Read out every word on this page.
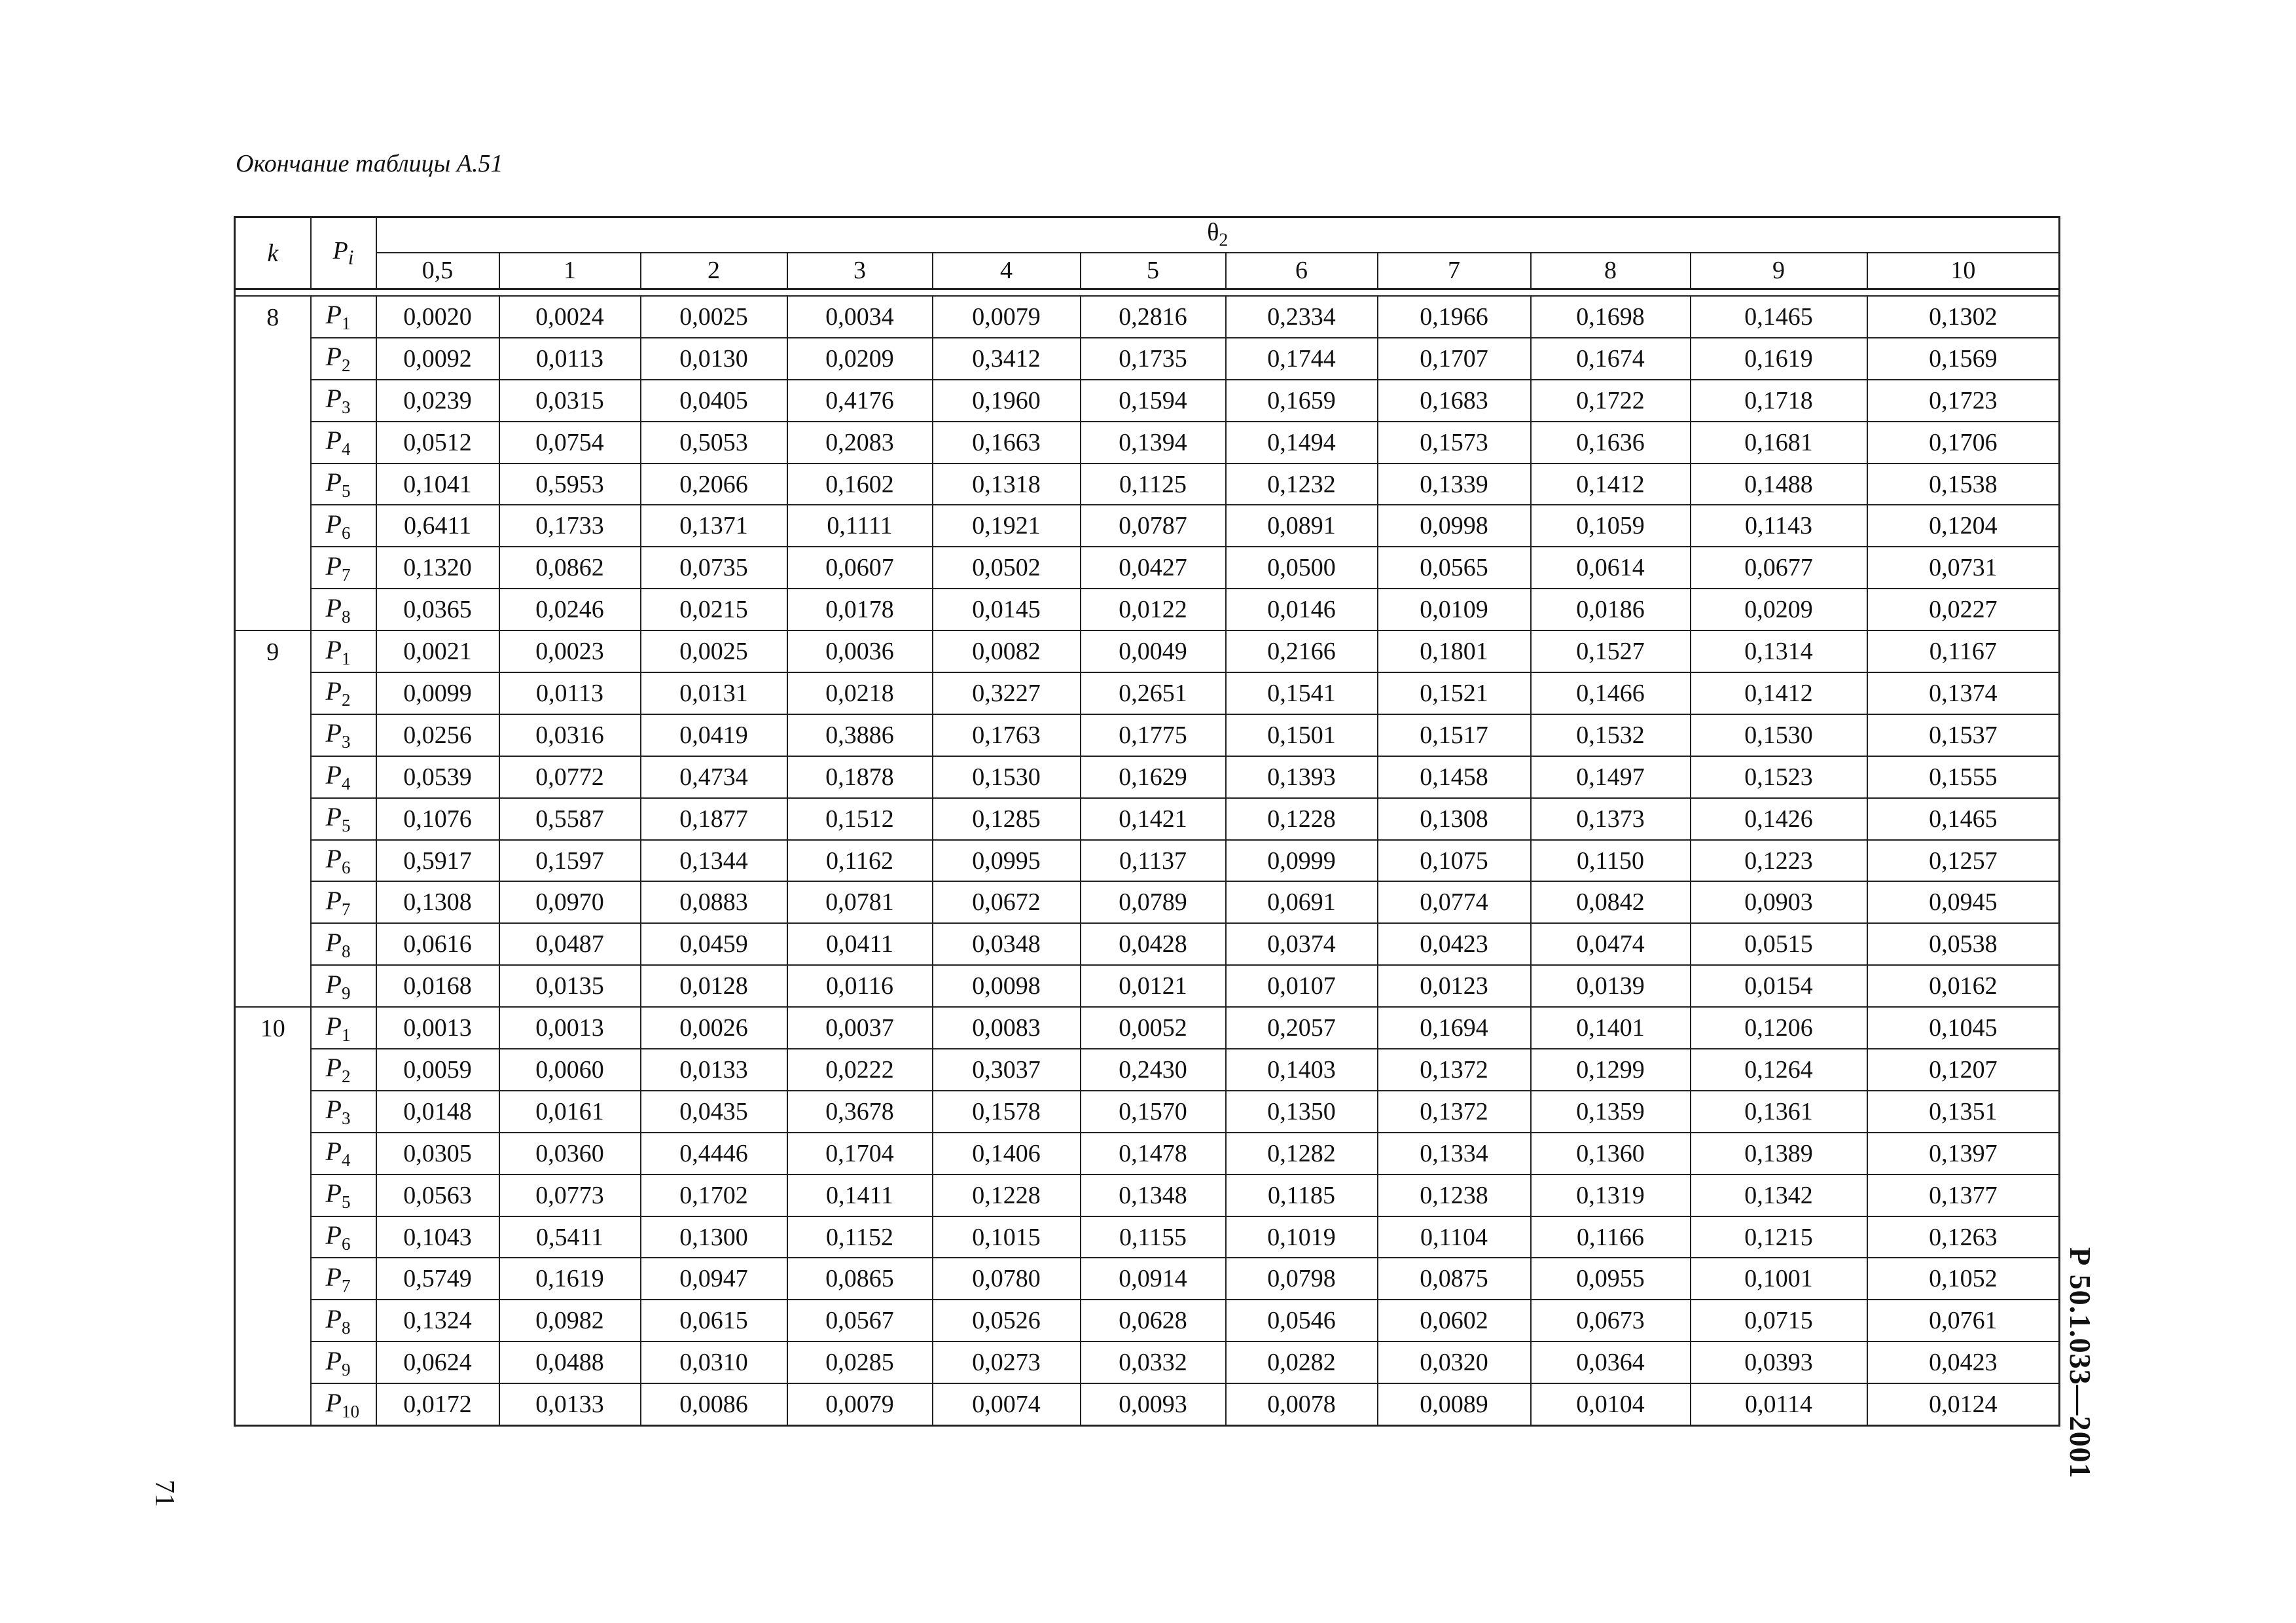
Окончание таблицы А.51
k	$P_i$	$\theta_2$
		0,5	1	2	3	4	5	6	7	8	9	10

8	$P_1$	0,0020	0,0024	0,0025	0,0034	0,0079	0,2816	0,2334	0,1966	0,1698	0,1465	0,1302
	$P_2$	0,0092	0,0113	0,0130	0,0209	0,3412	0,1735	0,1744	0,1707	0,1674	0,1619	0,1569
	$P_3$	0,0239	0,0315	0,0405	0,4176	0,1960	0,1594	0,1659	0,1683	0,1722	0,1718	0,1723
	$P_4$	0,0512	0,0754	0,5053	0,2083	0,1663	0,1394	0,1494	0,1573	0,1636	0,1681	0,1706
	$P_5$	0,1041	0,5953	0,2066	0,1602	0,1318	0,1125	0,1232	0,1339	0,1412	0,1488	0,1538
	$P_6$	0,6411	0,1733	0,1371	0,1111	0,1921	0,0787	0,0891	0,0998	0,1059	0,1143	0,1204
	$P_7$	0,1320	0,0862	0,0735	0,0607	0,0502	0,0427	0,0500	0,0565	0,0614	0,0677	0,0731
	$P_8$	0,0365	0,0246	0,0215	0,0178	0,0145	0,0122	0,0146	0,0109	0,0186	0,0209	0,0227
9	$P_1$	0,0021	0,0023	0,0025	0,0036	0,0082	0,0049	0,2166	0,1801	0,1527	0,1314	0,1167
	$P_2$	0,0099	0,0113	0,0131	0,0218	0,3227	0,2651	0,1541	0,1521	0,1466	0,1412	0,1374
	$P_3$	0,0256	0,0316	0,0419	0,3886	0,1763	0,1775	0,1501	0,1517	0,1532	0,1530	0,1537
	$P_4$	0,0539	0,0772	0,4734	0,1878	0,1530	0,1629	0,1393	0,1458	0,1497	0,1523	0,1555
	$P_5$	0,1076	0,5587	0,1877	0,1512	0,1285	0,1421	0,1228	0,1308	0,1373	0,1426	0,1465
	$P_6$	0,5917	0,1597	0,1344	0,1162	0,0995	0,1137	0,0999	0,1075	0,1150	0,1223	0,1257
	$P_7$	0,1308	0,0970	0,0883	0,0781	0,0672	0,0789	0,0691	0,0774	0,0842	0,0903	0,0945
	$P_8$	0,0616	0,0487	0,0459	0,0411	0,0348	0,0428	0,0374	0,0423	0,0474	0,0515	0,0538
	$P_9$	0,0168	0,0135	0,0128	0,0116	0,0098	0,0121	0,0107	0,0123	0,0139	0,0154	0,0162
10	$P_1$	0,0013	0,0013	0,0026	0,0037	0,0083	0,0052	0,2057	0,1694	0,1401	0,1206	0,1045
	$P_2$	0,0059	0,0060	0,0133	0,0222	0,3037	0,2430	0,1403	0,1372	0,1299	0,1264	0,1207
	$P_3$	0,0148	0,0161	0,0435	0,3678	0,1578	0,1570	0,1350	0,1372	0,1359	0,1361	0,1351
	$P_4$	0,0305	0,0360	0,4446	0,1704	0,1406	0,1478	0,1282	0,1334	0,1360	0,1389	0,1397
	$P_5$	0,0563	0,0773	0,1702	0,1411	0,1228	0,1348	0,1185	0,1238	0,1319	0,1342	0,1377
	$P_6$	0,1043	0,5411	0,1300	0,1152	0,1015	0,1155	0,1019	0,1104	0,1166	0,1215	0,1263
	$P_7$	0,5749	0,1619	0,0947	0,0865	0,0780	0,0914	0,0798	0,0875	0,0955	0,1001	0,1052
	$P_8$	0,1324	0,0982	0,0615	0,0567	0,0526	0,0628	0,0546	0,0602	0,0673	0,0715	0,0761
	$P_9$	0,0624	0,0488	0,0310	0,0285	0,0273	0,0332	0,0282	0,0320	0,0364	0,0393	0,0423
	$P_{10}$	0,0172	0,0133	0,0086	0,0079	0,0074	0,0093	0,0078	0,0089	0,0104	0,0114	0,0124 Р 50.1.033—2001
71
